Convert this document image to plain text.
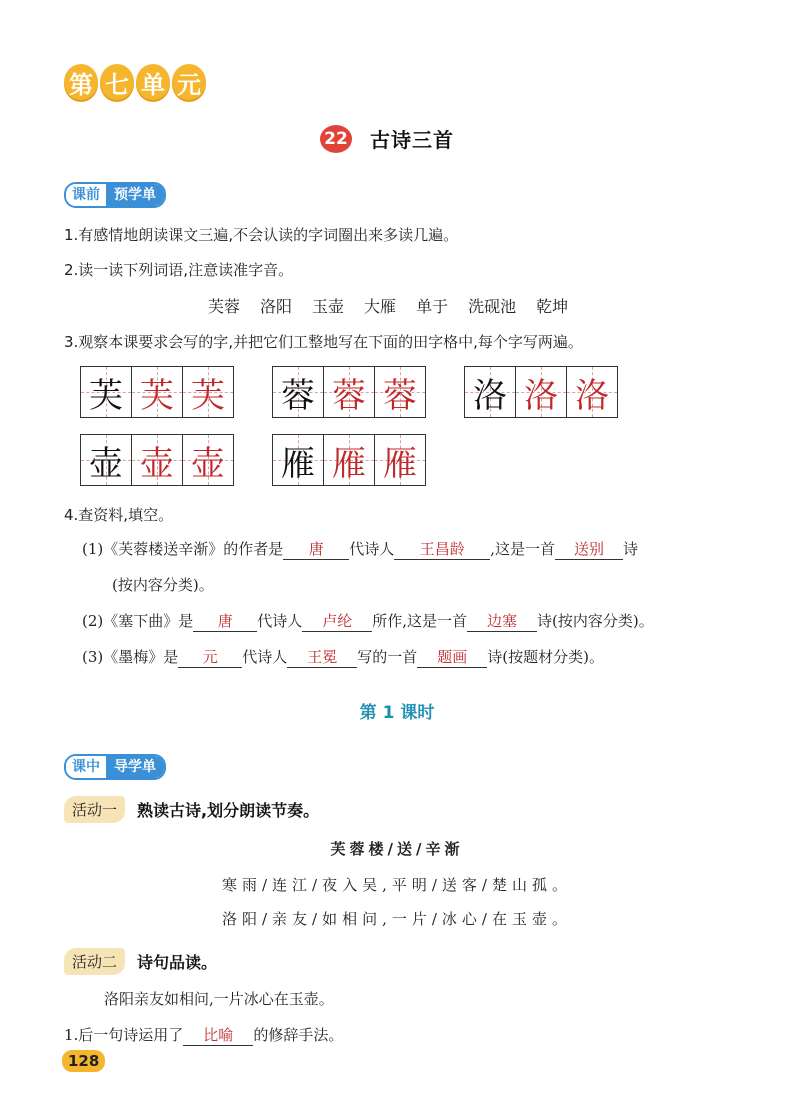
第 七 单 元
22 古诗三首
课前	预学单
1.有感情地朗读课文三遍,不会认读的字词圈出来多读几遍。
2.读一读下列词语,注意读准字音。
芙蓉 洛阳 玉壶 大雁 单于 洗砚池 乾坤
3.观察本课要求会写的字,并把它们工整地写在下面的田字格中,每个字写两遍。
芙 芙 芙 蓉 蓉 蓉 洛 洛 洛
壶 壶 壶 雁 雁 雁
4.查资料,填空。
(1)《芙蓉楼送辛渐》的作者是 唐 代诗人 王昌龄 ,这是一首 送别 诗
(按内容分类)。
(2)《塞下曲》是 唐 代诗人 卢纶 所作,这是一首 边塞 诗(按内容分类)。
(3)《墨梅》是 元 代诗人 王冕 写的一首 题画 诗(按题材分类)。
第 1 课时
课中	导学单
活动一	熟读古诗,划分朗读节奏。
芙蓉楼/送/辛渐
寒雨/连江/夜入吴,平明/送客/楚山孤。
洛阳/亲友/如相问,一片/冰心/在玉壶。
活动二	诗句品读。
洛阳亲友如相问,一片冰心在玉壶。
1.后一句诗运用了 比喻 的修辞手法。
128
